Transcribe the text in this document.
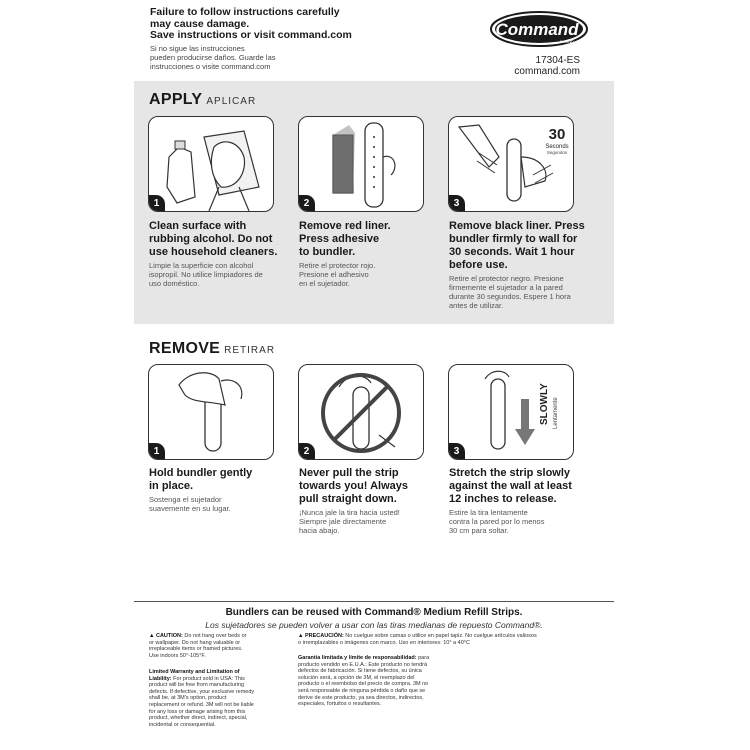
Failure to follow instructions carefully
may cause damage.
Save instructions or visit command.com
Si no sigue las instrucciones
pueden producirse daños. Guarde las
instrucciones o visite command.com
Command
BRAND
17304-ES
command.com
APPLY APLICAR
1	2
30
Seconds
Segundos
3
Clean surface with
rubbing alcohol. Do not
use household cleaners.
Limpie la superficie con alcohol
isopropil. No utilice limpiadores de
uso doméstico.
Remove red liner.
Press adhesive
to bundler.
Retire el protector rojo.
Presione el adhesivo
en el sujetador.
Remove black liner. Press
bundler firmly to wall for
30 seconds. Wait 1 hour
before use.
Retire el protector negro. Presione
firmemente el sujetador a la pared
durante 30 segundos. Espere 1 hora
antes de utilizar.
REMOVE RETIRAR
1	2
SLOWLY Lentamente
3
Hold bundler gently
in place.
Sostenga el sujetador
suavemente en su lugar.
Never pull the strip
towards you! Always
pull straight down.
¡Nunca jale la tira hacia usted!
Siempre jale directamente
hacia abajo.
Stretch the strip slowly
against the wall at least
12 inches to release.
Estire la tira lentamente
contra la pared por lo menos
30 cm para soltar.
Bundlers can be reused with Command® Medium Refill Strips.
Los sujetadores se pueden volver a usar con las tiras medianas de repuesto Command®.
▲ CAUTION: Do not hang over beds or
or wallpaper. Do not hang valuable or
irreplaceable items or framed pictures.
Use indoors 50°-105°F.
Limited Warranty and Limitation of
Liability: For product sold in USA: This
product will be free from manufacturing
defects. If defective, your exclusive remedy
shall be, at 3M's option, product
replacement or refund. 3M will not be liable
for any loss or damage arising from this
product, whether direct, indirect, special,
incidental or consequential.
▲ PRECAUCIÓN: No cuelgue sobre camas o utilice en papel tapiz. No cuelgue artículos valiosos
o irremplazables o imágenes con marco. Uso en interiores: 10° a 40°C
Garantía limitada y límite de responsabilidad: para
producto vendido en E.U.A.: Este producto no tendrá
defectos de fabricación. Si tiene defectos, su única
solución será, a opción de 3M, el reemplazo del
producto o el reembolso del precio de compra. 3M no
será responsable de ninguna pérdida o daño que se
derive de este producto, ya sea directos, indirectos,
especiales, fortuitos o resultantes.
